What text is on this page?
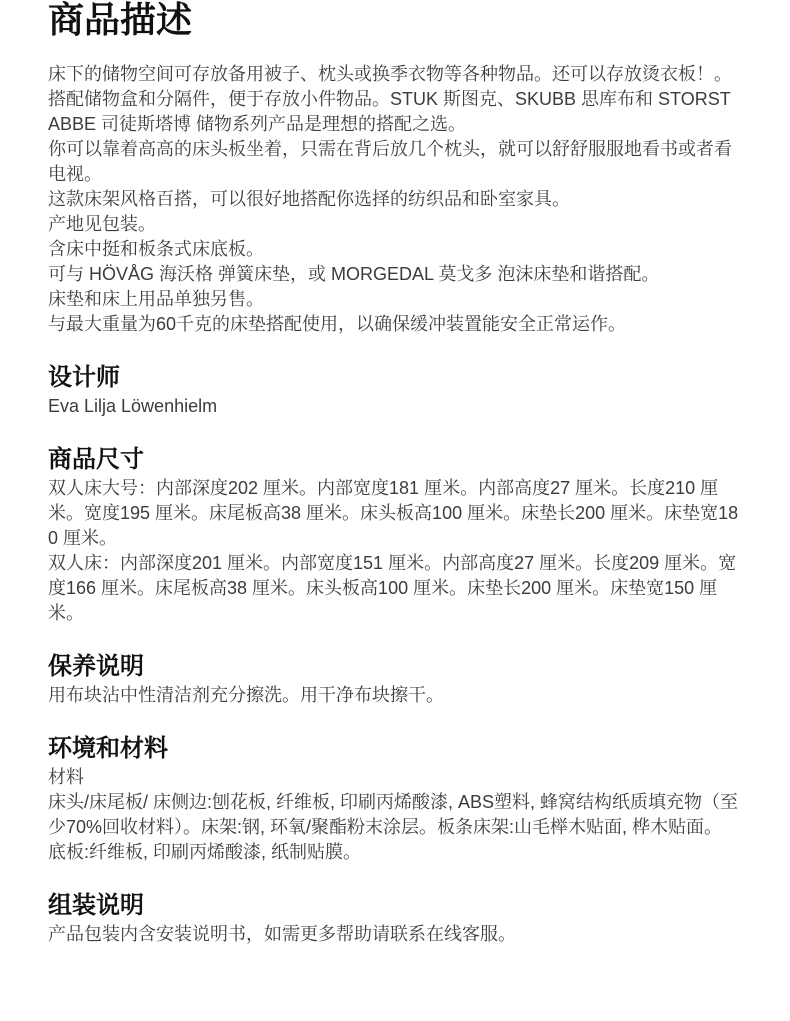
商品描述

床下的储物空间可存放备用被子、枕头或换季衣物等各种物品。还可以存放烫衣板！。

搭配储物盒和分隔件，便于存放小件物品。STUK 斯图克、SKUBB 思库布和 STORSTABBE 司徒斯塔博 储物系列产品是理想的搭配之选。

你可以靠着高高的床头板坐着，只需在背后放几个枕头，就可以舒舒服服地看书或者看电视。

这款床架风格百搭，可以很好地搭配你选择的纺织品和卧室家具。

产地见包装。

含床中挺和板条式床底板。

可与 HÖVÅG 海沃格 弹簧床垫，或 MORGEDAL 莫戈多 泡沫床垫和谐搭配。

床垫和床上用品单独另售。

与最大重量为60千克的床垫搭配使用，以确保缓冲装置能安全正常运作。

设计师

Eva Lilja Löwenhielm

商品尺寸

双人床大号：内部深度202 厘米。内部宽度181 厘米。内部高度27 厘米。长度210 厘米。宽度195 厘米。床尾板高38 厘米。床头板高100 厘米。床垫长200 厘米。床垫宽180 厘米。

双人床：内部深度201 厘米。内部宽度151 厘米。内部高度27 厘米。长度209 厘米。宽度166 厘米。床尾板高38 厘米。床头板高100 厘米。床垫长200 厘米。床垫宽150 厘米。

保养说明

用布块沾中性清洁剂充分擦洗。用干净布块擦干。

环境和材料

材料

床头/床尾板/ 床侧边:刨花板, 纤维板, 印刷丙烯酸漆, ABS塑料, 蜂窝结构纸质填充物（至少70%回收材料）。床架:钢, 环氧/聚酯粉末涂层。板条床架:山毛榉木贴面, 桦木贴面。

底板:纤维板, 印刷丙烯酸漆, 纸制贴膜。

组装说明

产品包装内含安装说明书，如需更多帮助请联系在线客服。
